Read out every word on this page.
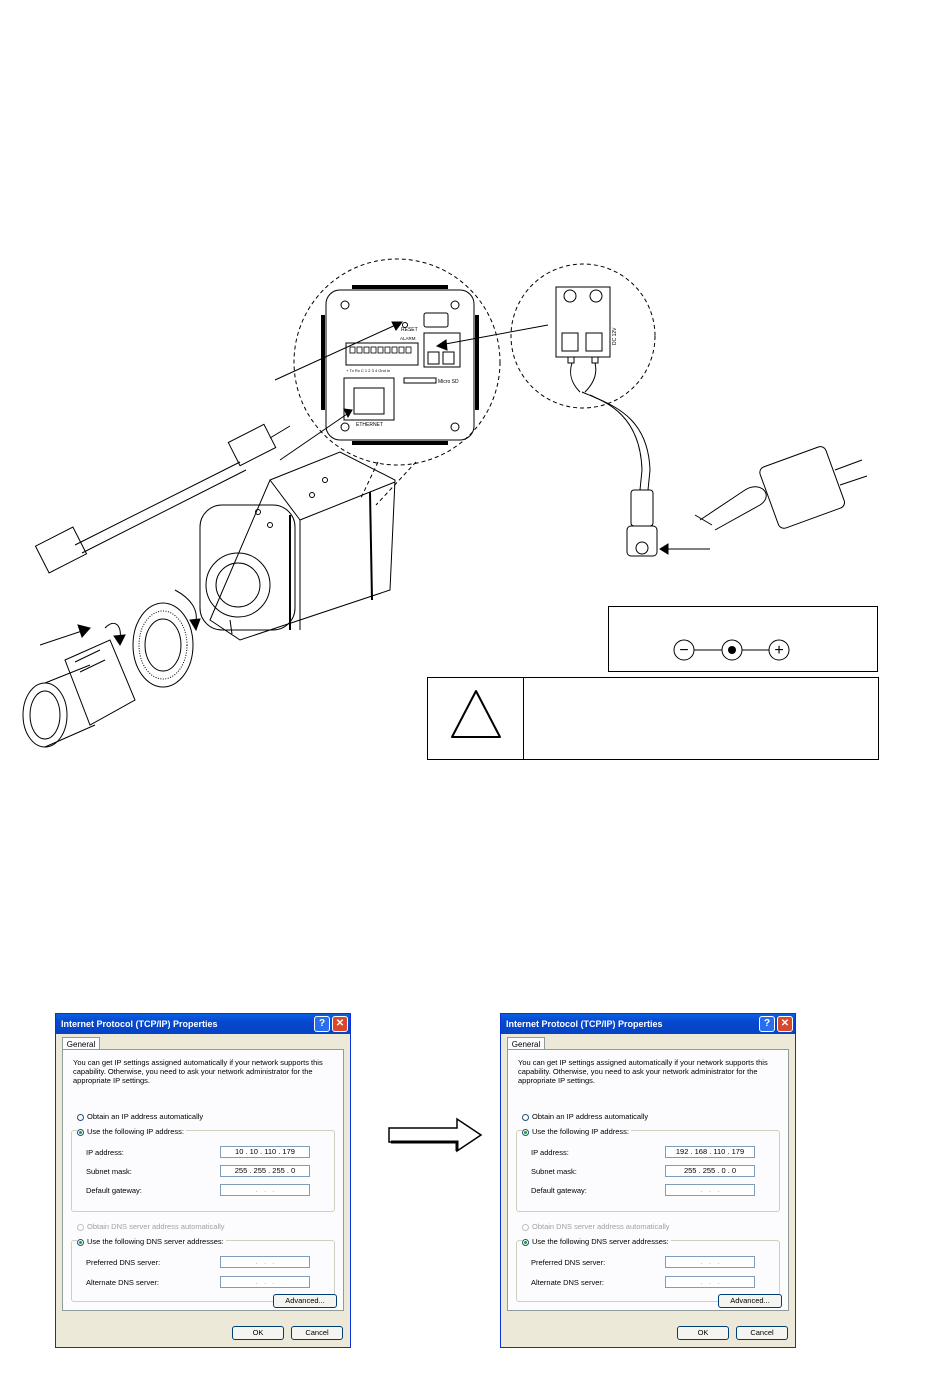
RESET
ETHERNET
Micro SD
ALARM
+ Tx Rx C 1 2 3 4 Gnd In
DC 12V
−	+
Internet Protocol (TCP/IP) Properties	?	✕
General
You can get IP settings assigned automatically if your network supports this capability. Otherwise, you need to ask your network administrator for the appropriate IP settings.
Obtain an IP address automatically
Use the following IP address:
IP address:	10 . 10 . 110 . 179
Subnet mask:	255 . 255 . 255 . 0
Default gateway:	.   .   .
Obtain DNS server address automatically
Use the following DNS server addresses:
Preferred DNS server:	.   .   .
Alternate DNS server:	.   .   .
Advanced...
OK	Cancel
Internet Protocol (TCP/IP) Properties	?	✕
General
You can get IP settings assigned automatically if your network supports this capability. Otherwise, you need to ask your network administrator for the appropriate IP settings.
Obtain an IP address automatically
Use the following IP address:
IP address:	192 . 168 . 110 . 179
Subnet mask:	255 . 255 . 0 . 0
Default gateway:	.   .   .
Obtain DNS server address automatically
Use the following DNS server addresses:
Preferred DNS server:	.   .   .
Alternate DNS server:	.   .   .
Advanced...
OK	Cancel
